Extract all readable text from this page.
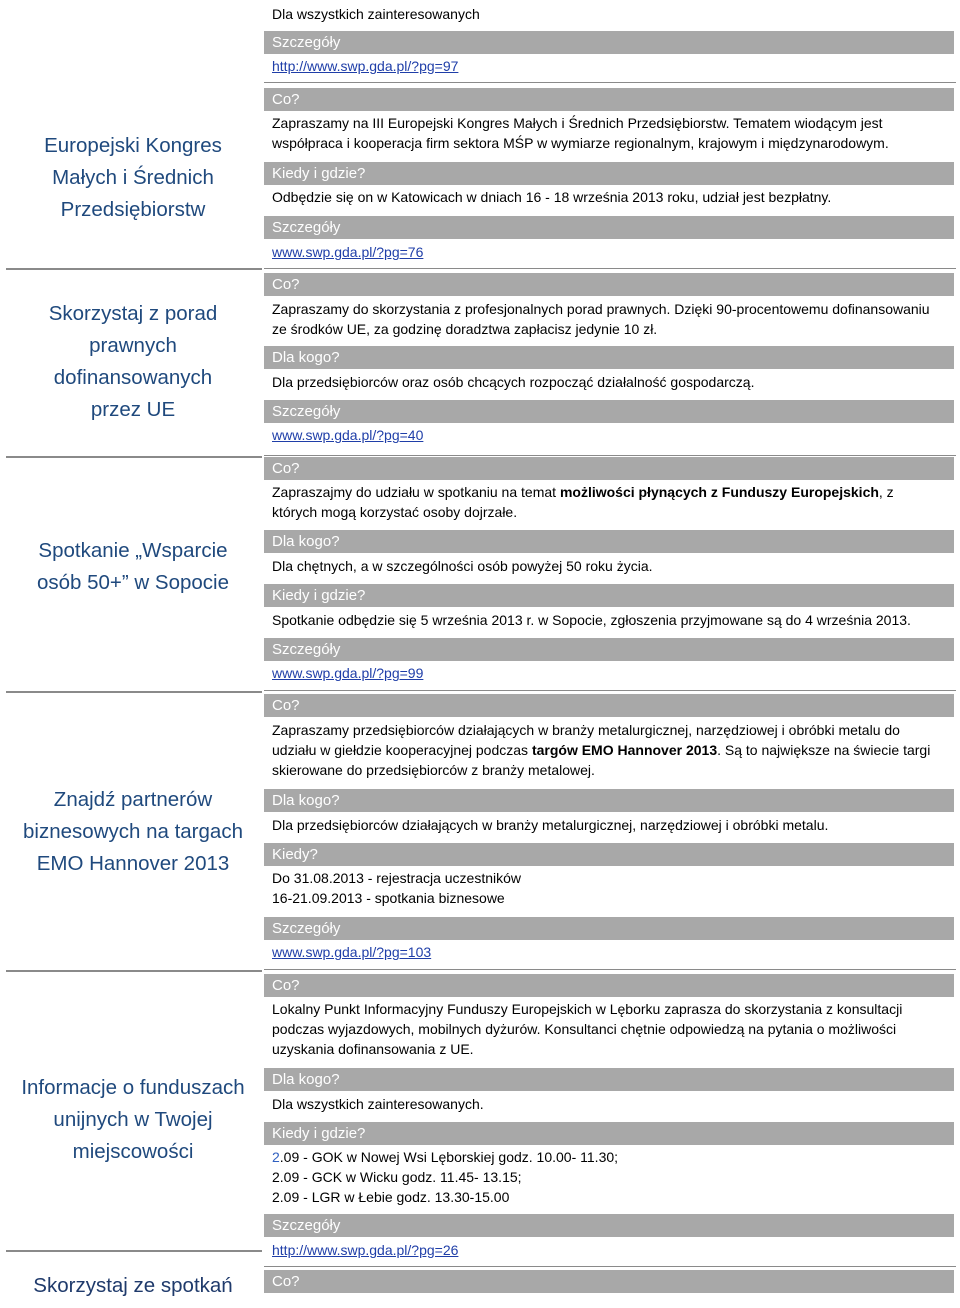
Europejski Kongres
Małych i Średnich
Przedsiębiorstw
Skorzystaj z porad
prawnych
dofinansowanych
przez UE
Spotkanie „Wsparcie
osób 50+” w Sopocie
Znajdź partnerów
biznesowych na targach
EMO Hannover 2013
Informacje o funduszach
unijnych w Twojej
miejscowości
Skorzystaj ze spotkań
Dla wszystkich zainteresowanych
Szczegóły
http://www.swp.gda.pl/?pg=97
Co?
Zapraszamy na III Europejski Kongres Małych i Średnich Przedsiębiorstw. Tematem wiodącym jest współpraca i kooperacja firm sektora MŚP w wymiarze regionalnym, krajowym i międzynarodowym.
Kiedy i gdzie?
Odbędzie się on w Katowicach w dniach 16 - 18 września 2013 roku, udział jest bezpłatny.
Szczegóły
www.swp.gda.pl/?pg=76
Co?
Zapraszamy do skorzystania z profesjonalnych porad prawnych. Dzięki 90-procentowemu dofinansowaniu ze środków UE, za godzinę doradztwa zapłacisz jedynie 10 zł.
Dla kogo?
Dla przedsiębiorców oraz osób chcących rozpocząć działalność gospodarczą.
Szczegóły
www.swp.gda.pl/?pg=40
Co?
Zapraszajmy do udziału w spotkaniu na temat możliwości płynących z Funduszy Europejskich, z których mogą korzystać osoby dojrzałe.
Dla kogo?
Dla chętnych, a w szczególności osób powyżej 50 roku życia.
Kiedy i gdzie?
Spotkanie odbędzie się 5 września 2013 r. w Sopocie, zgłoszenia przyjmowane są do 4 września 2013.
Szczegóły
www.swp.gda.pl/?pg=99
Co?
Zapraszamy przedsiębiorców działających w branży metalurgicznej, narzędziowej i obróbki metalu do udziału w giełdzie kooperacyjnej podczas targów EMO Hannover 2013. Są to największe na świecie targi skierowane do przedsiębiorców z branży metalowej.
Dla kogo?
Dla przedsiębiorców działających w branży metalurgicznej, narzędziowej i obróbki metalu.
Kiedy?
Do 31.08.2013 - rejestracja uczestników
16-21.09.2013 - spotkania biznesowe
Szczegóły
www.swp.gda.pl/?pg=103
Co?
Lokalny Punkt Informacyjny Funduszy Europejskich w Lęborku zaprasza do skorzystania z konsultacji podczas wyjazdowych, mobilnych dyżurów. Konsultanci chętnie odpowiedzą na pytania o możliwości uzyskania dofinansowania z UE.
Dla kogo?
Dla wszystkich zainteresowanych.
Kiedy i gdzie?
2.09 - GOK w Nowej Wsi Lęborskiej godz. 10.00- 11.30;
2.09 - GCK w Wicku godz. 11.45- 13.15;
2.09 - LGR w Łebie godz. 13.30-15.00
Szczegóły
http://www.swp.gda.pl/?pg=26
Co?
